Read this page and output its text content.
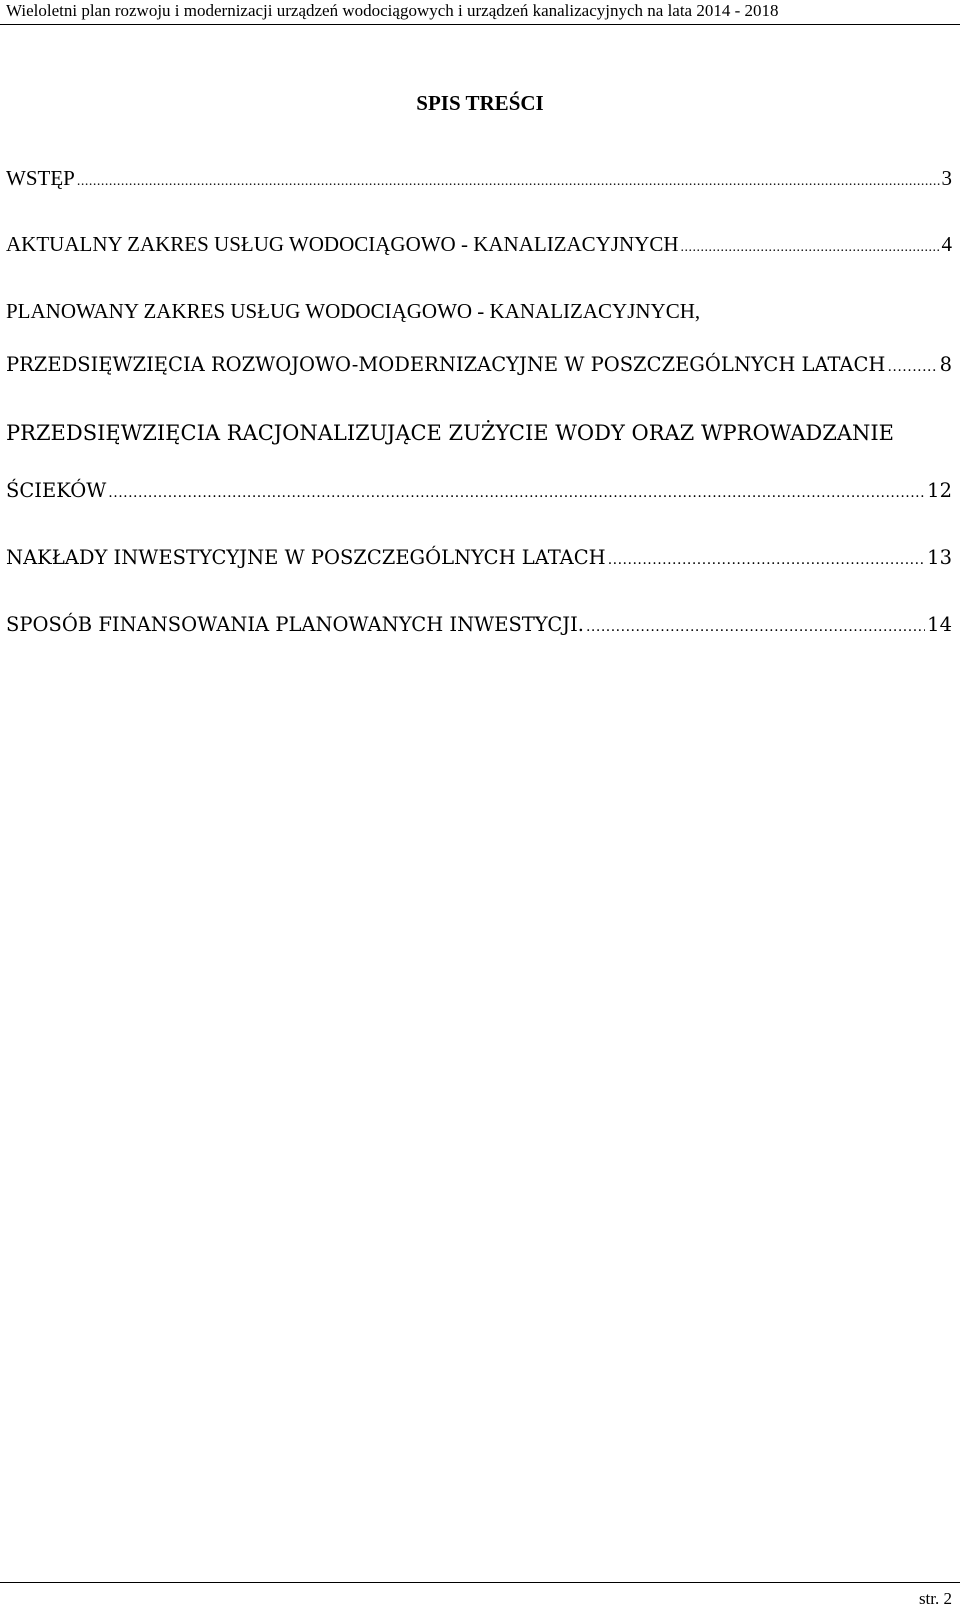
Wieloletni plan rozwoju i modernizacji urządzeń wodociągowych i urządzeń kanalizacyjnych na lata 2014 - 2018
SPIS TREŚCI
WSTĘP .....	3
AKTUALNY ZAKRES USŁUG WODOCIĄGOWO - KANALIZACYJNYCH .....	4
PLANOWANY ZAKRES USŁUG WODOCIĄGOWO - KANALIZACYJNYCH,
PRZEDSIĘWZIĘCIA ROZWOJOWO-MODERNIZACYJNE W POSZCZEGÓLNYCH LATACH .....	8
PRZEDSIĘWZIĘCIA RACJONALIZUJĄCE ZUŻYCIE WODY ORAZ WPROWADZANIE
ŚCIEKÓW .....	12
NAKŁADY INWESTYCYJNE W POSZCZEGÓLNYCH LATACH .....	13
SPOSÓB FINANSOWANIA PLANOWANYCH INWESTYCJI. .....	14
str. 2
